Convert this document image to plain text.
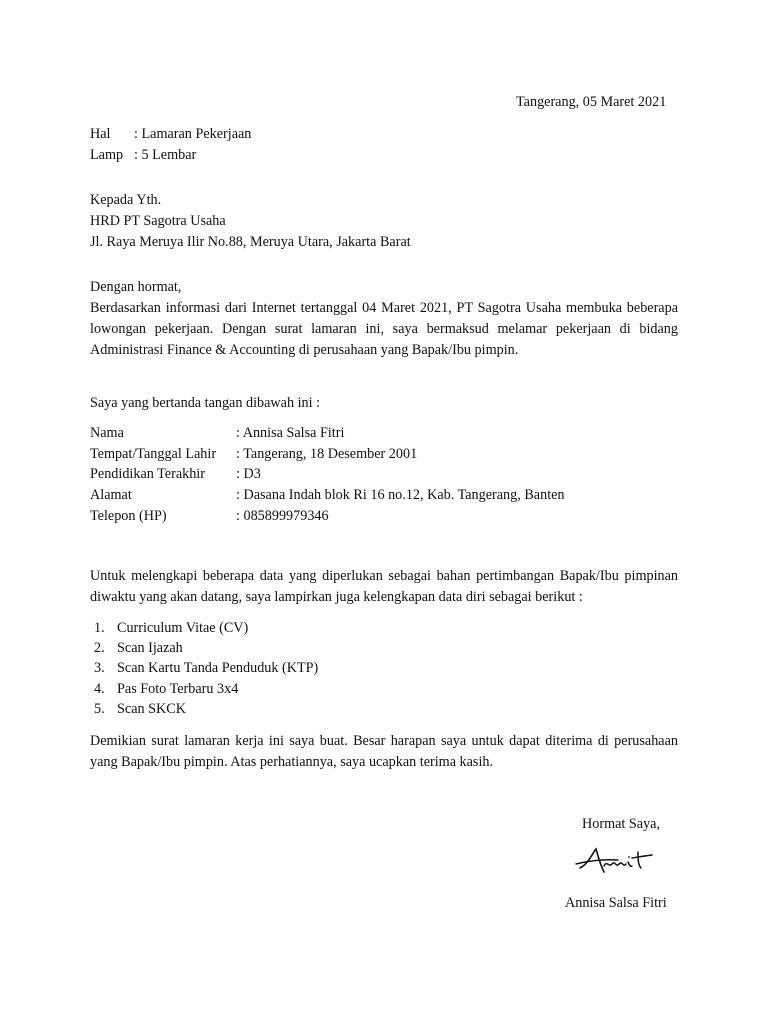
Tangerang, 05 Maret 2021
Hal : Lamaran Pekerjaan
Lamp : 5 Lembar
Kepada Yth.
HRD PT Sagotra Usaha
Jl. Raya Meruya Ilir No.88, Meruya Utara, Jakarta Barat
Dengan hormat,
Berdasarkan informasi dari Internet tertanggal 04 Maret 2021, PT Sagotra Usaha membuka beberapa lowongan pekerjaan. Dengan surat lamaran ini, saya bermaksud melamar pekerjaan di bidang Administrasi Finance & Accounting di perusahaan yang Bapak/Ibu pimpin.
Saya yang bertanda tangan dibawah ini :
Nama	: Annisa Salsa Fitri
Tempat/Tanggal Lahir : Tangerang, 18 Desember 2001
Pendidikan Terakhir : D3
Alamat	: Dasana Indah blok Ri 16 no.12, Kab. Tangerang, Banten
Telepon (HP)	: 085899979346
Untuk melengkapi beberapa data yang diperlukan sebagai bahan pertimbangan Bapak/Ibu pimpinan diwaktu yang akan datang, saya lampirkan juga kelengkapan data diri sebagai berikut :
1. Curriculum Vitae (CV)
2. Scan Ijazah
3. Scan Kartu Tanda Penduduk (KTP)
4. Pas Foto Terbaru 3x4
5. Scan SKCK
Demikian surat lamaran kerja ini saya buat. Besar harapan saya untuk dapat diterima di perusahaan yang Bapak/Ibu pimpin. Atas perhatiannya, saya ucapkan terima kasih.
Hormat Saya,
Annisa Salsa Fitri
